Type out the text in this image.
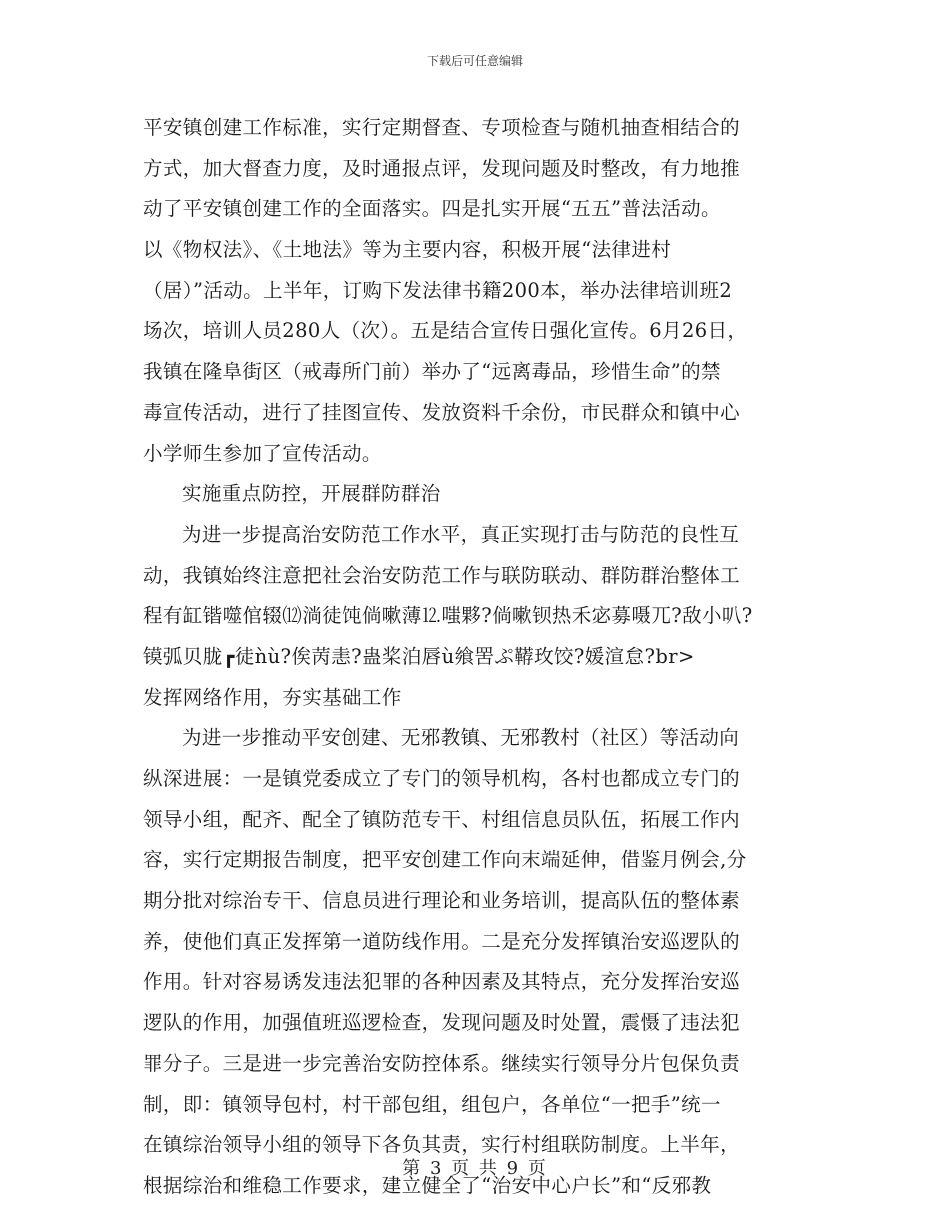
下载后可任意编辑
平安镇创建工作标准，实行定期督查、专项检查与随机抽查相结合的
方式，加大督查力度，及时通报点评，发现问题及时整改，有力地推
动了平安镇创建工作的全面落实。四是扎实开展“五五”普法活动。
以《物权法》、《土地法》等为主要内容，积极开展“法律进村
（居）”活动。上半年，订购下发法律书籍200本，举办法律培训班2
场次，培训人员280人（次）。五是结合宣传日强化宣传。6月26日，
我镇在隆阜街区（戒毒所门前）举办了“远离毒品，珍惜生命”的禁
毒宣传活动，进行了挂图宣传、发放资料千余份，市民群众和镇中心
小学师生参加了宣传活动。
实施重点防控，开展群防群治
为进一步提高治安防范工作水平，真正实现打击与防范的良性互
动，我镇始终注意把社会治安防范工作与联防联动、群防群治整体工
程有缸锴噬倌辍⑿淌徒饨倘嗽薄⒓嗤夥?倘嗽钡热禾宓募嗫兀?敌小叭?
镆弧贝胧┏徒ǹù?俟苪恚?蛊桨泊唇ù飨罟ぷ鞯玫饺?媛渲怠?br>
发挥网络作用，夯实基础工作
为进一步推动平安创建、无邪教镇、无邪教村（社区）等活动向
纵深进展：一是镇党委成立了专门的领导机构，各村也都成立专门的
领导小组，配齐、配全了镇防范专干、村组信息员队伍，拓展工作内
容，实行定期报告制度，把平安创建工作向末端延伸，借鉴月例会,分
期分批对综治专干、信息员进行理论和业务培训，提高队伍的整体素
养，使他们真正发挥第一道防线作用。二是充分发挥镇治安巡逻队的
作用。针对容易诱发违法犯罪的各种因素及其特点，充分发挥治安巡
逻队的作用，加强值班巡逻检查，发现问题及时处置，震慑了违法犯
罪分子。三是进一步完善治安防控体系。继续实行领导分片包保负责
制，即：镇领导包村，村干部包组，组包户，各单位“一把手”统一
在镇综治领导小组的领导下各负其责，实行村组联防制度。上半年，
根据综治和维稳工作要求，建立健全了“治安中心户长”和“反邪教
第 3 页 共 9 页
